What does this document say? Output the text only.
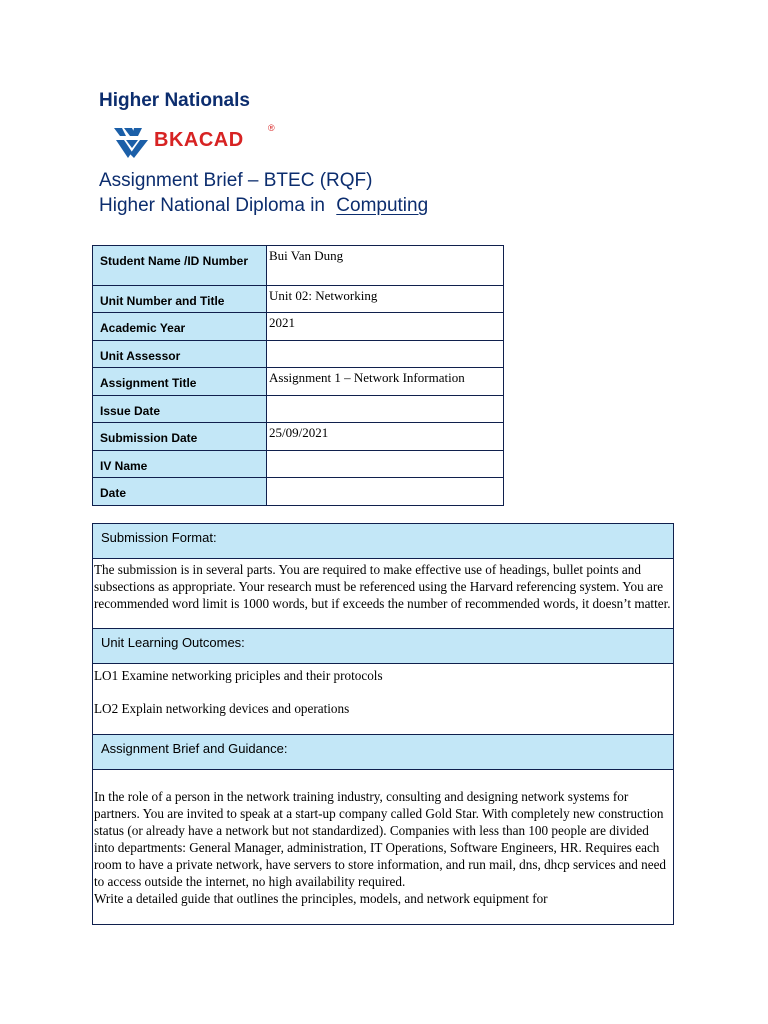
Higher Nationals
BKACAD
®
Assignment Brief – BTEC (RQF)
Higher National Diploma in Computing
Student Name /ID Number	Bui Van Dung
Unit Number and Title	Unit 02: Networking
Academic Year	2021
Unit Assessor	
Assignment Title	Assignment 1 – Network Information
Issue Date	
Submission Date	25/09/2021
IV Name	
Date	
Submission Format:

The submission is in several parts. You are required to make effective use of headings, bullet points and subsections as appropriate. Your research must be referenced using the Harvard referencing system. You are recommended word limit is 1000 words, but if exceeds the number of recommended words, it doesn’t matter.

Unit Learning Outcomes:

LO1 Examine networking priciples and their protocols

LO2 Explain networking devices and operations

Assignment Brief and Guidance:

In the role of a person in the network training industry, consulting and designing network systems for partners. You are invited to speak at a start-up company called Gold Star. With completely new construction status (or already have a network but not standardized). Companies with less than 100 people are divided into departments: General Manager, administration, IT Operations, Software Engineers, HR. Requires each room to have a private network, have servers to store information, and run mail, dns, dhcp services and need to access outside the internet, no high availability required.

Write a detailed guide that outlines the principles, models, and network equipment for
